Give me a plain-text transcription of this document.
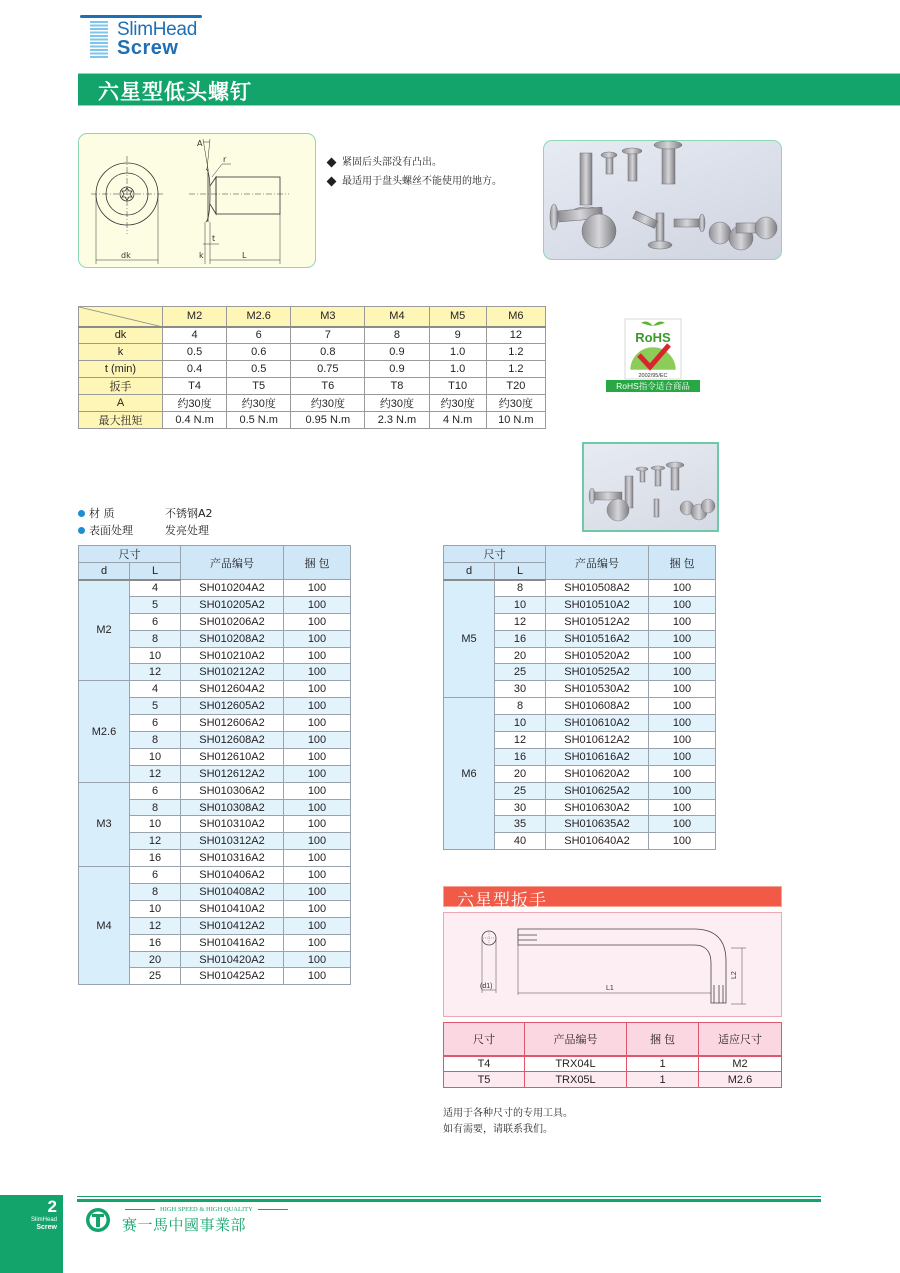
SlimHead
Screw
六星型低头螺钉
A
r
t
dk	k	L
紧固后头部没有凸出。
最适用于盘头螺丝不能使用的地方。
	M2	M2.6	M3	M4	M5	M6
dk	4	6	7	8	9	12
k	0.5	0.6	0.8	0.9	1.0	1.2
t (min)	0.4	0.5	0.75	0.9	1.0	1.2
扳手	T4	T5	T6	T8	T10	T20
A	约30度	约30度	约30度	约30度	约30度	约30度
最大扭矩	0.4 N.m	0.5 N.m	0.95 N.m	2.3 N.m	4 N.m	10 N.m
RoHS
2002/95/EC
RoHS指令适合商品
材 质	不锈钢A2
表面处理	发亮处理
尺寸		产品编号	捆 包
d	L		
M2	4	SH010204A2	100
	5	SH010205A2	100
	6	SH010206A2	100
	8	SH010208A2	100
	10	SH010210A2	100
	12	SH010212A2	100
M2.6	4	SH012604A2	100
	5	SH012605A2	100
	6	SH012606A2	100
	8	SH012608A2	100
	10	SH012610A2	100
	12	SH012612A2	100
M3	6	SH010306A2	100
	8	SH010308A2	100
	10	SH010310A2	100
	12	SH010312A2	100
	16	SH010316A2	100
M4	6	SH010406A2	100
	8	SH010408A2	100
	10	SH010410A2	100
	12	SH010412A2	100
	16	SH010416A2	100
	20	SH010420A2	100
	25	SH010425A2	100
尺寸		产品编号	捆 包
d	L		
M5	8	SH010508A2	100
	10	SH010510A2	100
	12	SH010512A2	100
	16	SH010516A2	100
	20	SH010520A2	100
	25	SH010525A2	100
	30	SH010530A2	100
M6	8	SH010608A2	100
	10	SH010610A2	100
	12	SH010612A2	100
	16	SH010616A2	100
	20	SH010620A2	100
	25	SH010625A2	100
	30	SH010630A2	100
	35	SH010635A2	100
	40	SH010640A2	100
六星型扳手
(d1)	L1
L2
尺寸	产品编号	捆 包	适应尺寸
T4	TRX04L	1	M2
T5	TRX05L	1	M2.6
适用于各种尺寸的专用工具。
如有需要，请联系我们。
2
SlimHead
Screw
HIGH SPEED & HIGH QUALITY
赛一馬中國事業部
